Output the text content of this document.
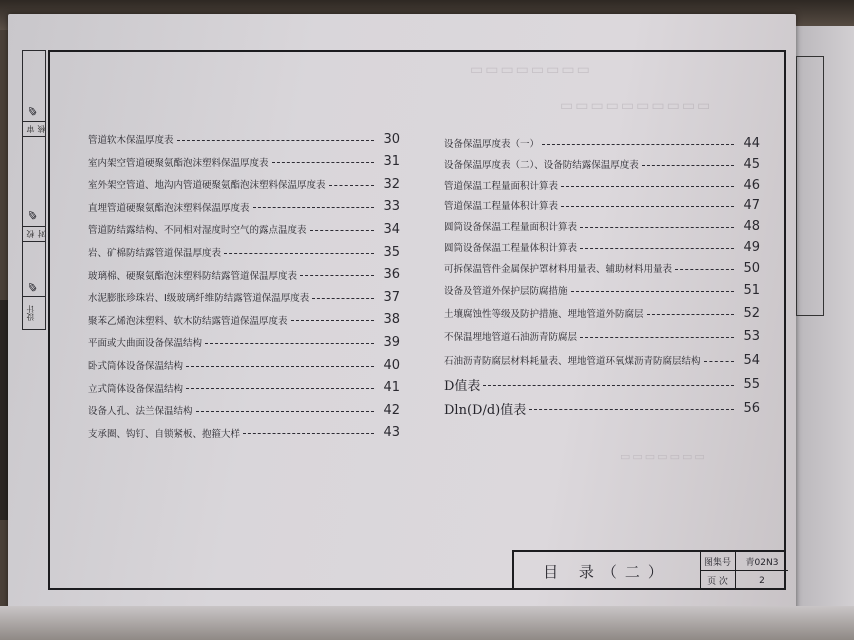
▭▭▭▭▭▭▭▭
▭▭▭▭▭▭▭▭▭▭
▭▭▭▭▭▭▭
✎
审核
✎
校对
✎
设计
管道软木保温厚度表	30
室内架空管道硬聚氨酯泡沫塑料保温厚度表	31
室外架空管道、地沟内管道硬聚氨酯泡沫塑料保温厚度表	32
直埋管道硬聚氨酯泡沫塑料保温厚度表	33
管道防结露结构、不同相对湿度时空气的露点温度表	34
岩、矿棉防结露管道保温厚度表	35
玻璃棉、硬聚氨酯泡沫塑料防结露管道保温厚度表	36
水泥膨胀珍珠岩、Ⅰ级玻璃纤维防结露管道保温厚度表	37
聚苯乙烯泡沫塑料、软木防结露管道保温厚度表	38
平面或大曲面设备保温结构	39
卧式筒体设备保温结构	40
立式筒体设备保温结构	41
设备人孔、法兰保温结构	42
支承圈、钩钉、自锁紧板、抱箍大样	43
设备保温厚度表（一）	44
设备保温厚度表（二）、设备防结露保温厚度表	45
管道保温工程量面积计算表	46
管道保温工程量体积计算表	47
圆筒设备保温工程量面积计算表	48
圆筒设备保温工程量体积计算表	49
可拆保温管件金属保护罩材料用量表、辅助材料用量表	50
设备及管道外保护层防腐措施	51
土壤腐蚀性等级及防护措施、埋地管道外防腐层	52
不保温埋地管道石油沥青防腐层	53
石油沥青防腐层材料耗量表、埋地管道环氧煤沥青防腐层结构	54
D值表	55
Dln(D/d)值表	56
目 录（二）	图集号	青02N3
页 次	2
